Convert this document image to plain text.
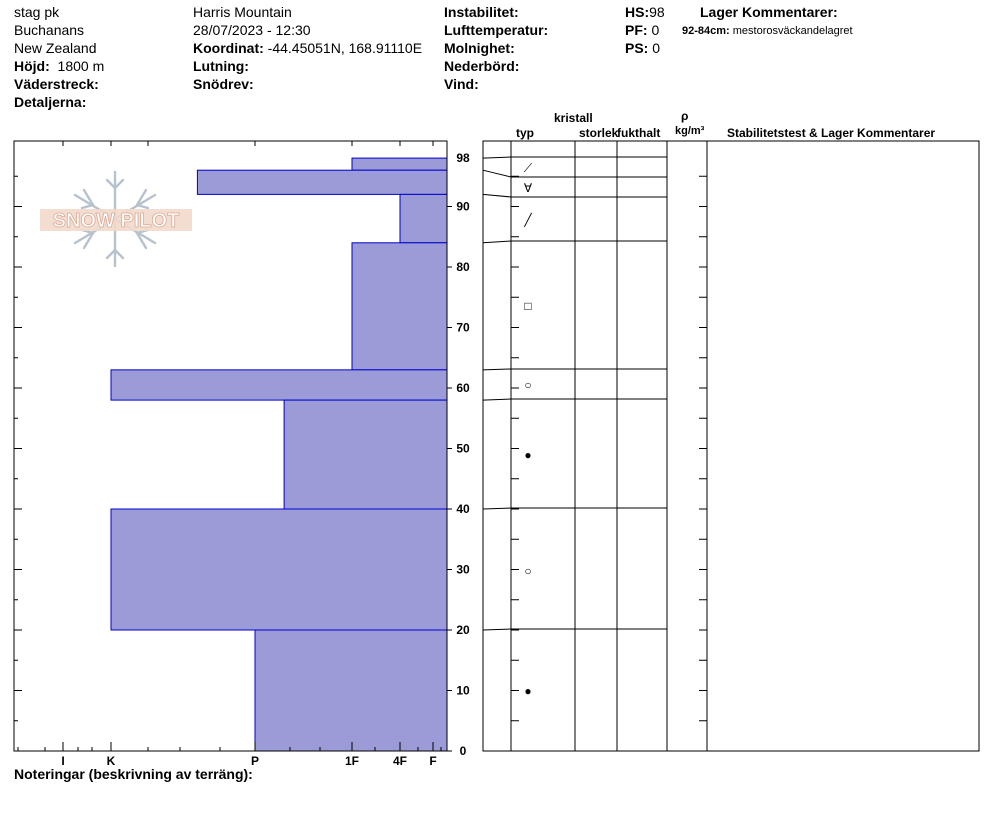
stag pk
Buchanans
New Zealand
Höjd: 1800 m
Väderstreck:
Detaljerna:
Harris Mountain
28/07/2023 - 12:30
Koordinat: -44.45051N, 168.91110E
Lutning:
Snödrev:
Instabilitet:
Lufttemperatur:
Molnighet:
Nederbörd:
Vind:
HS:98
PF: 0
PS: 0
Lager Kommentarer:
92-84cm: mestorosväckandelagret
kristall
typ	storlek
fukthalt
ρ
kg/m³ Stabilitetstest & Lager Kommentarer
SNOW PILOT
I	K	P	1F	4F F
0
10
20
30
40
50
60
70
80
90
98
⟋
∀
╱
□
○
●
○
●
Noteringar (beskrivning av terräng):
